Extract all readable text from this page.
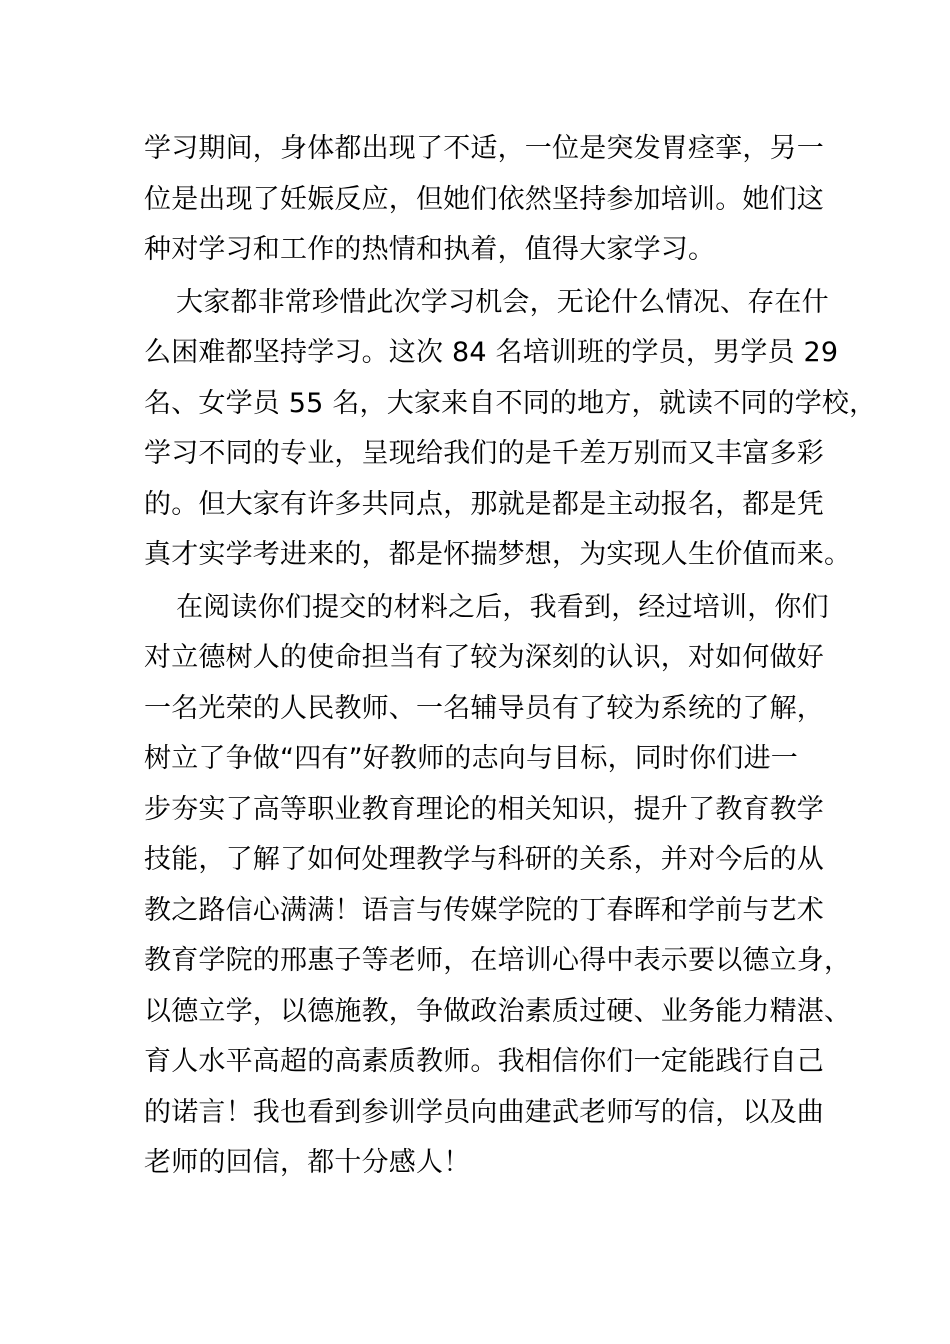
学习期间，身体都出现了不适，一位是突发胃痉挛，另一
位是出现了妊娠反应，但她们依然坚持参加培训。她们这
种对学习和工作的热情和执着，值得大家学习。
大家都非常珍惜此次学习机会，无论什么情况、存在什
么困难都坚持学习。这次 84 名培训班的学员，男学员 29
名、女学员 55 名，大家来自不同的地方，就读不同的学校，
学习不同的专业，呈现给我们的是千差万别而又丰富多彩
的。但大家有许多共同点，那就是都是主动报名，都是凭
真才实学考进来的，都是怀揣梦想，为实现人生价值而来。
在阅读你们提交的材料之后，我看到，经过培训，你们
对立德树人的使命担当有了较为深刻的认识，对如何做好
一名光荣的人民教师、一名辅导员有了较为系统的了解，
树立了争做“四有”好教师的志向与目标，同时你们进一
步夯实了高等职业教育理论的相关知识，提升了教育教学
技能，了解了如何处理教学与科研的关系，并对今后的从
教之路信心满满！语言与传媒学院的丁春晖和学前与艺术
教育学院的邢惠子等老师，在培训心得中表示要以德立身，
以德立学，以德施教，争做政治素质过硬、业务能力精湛、
育人水平高超的高素质教师。我相信你们一定能践行自己
的诺言！我也看到参训学员向曲建武老师写的信，以及曲
老师的回信，都十分感人！
